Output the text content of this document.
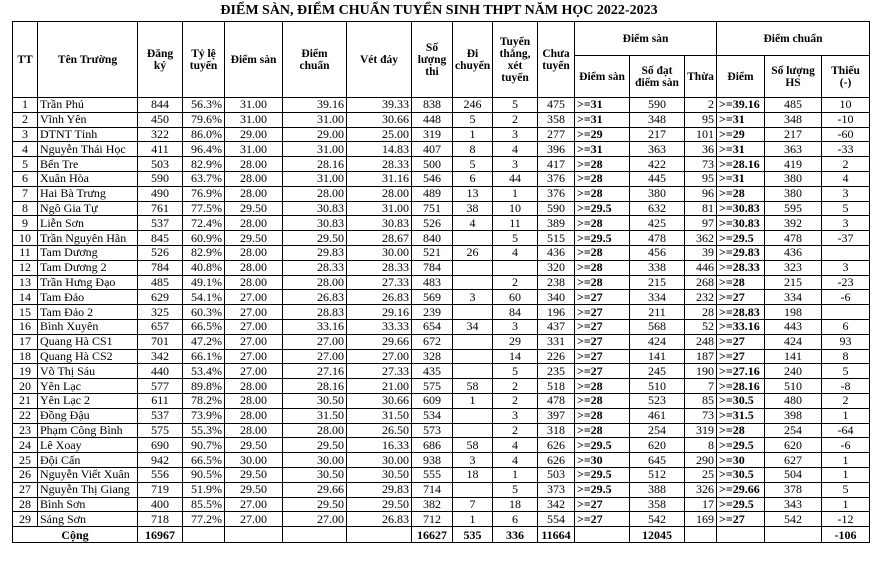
ĐIỂM SÀN, ĐIỂM CHUẨN TUYỂN SINH THPT NĂM HỌC 2022-2023
TT	Tên Trường	Đăng ký	Tỷ lệ tuyển	Điểm sàn	Điểm chuẩn	Vét đáy	Số lượng thi	Đi chuyển	Tuyển thẳng, xét tuyển	Chưa tuyển	Điểm sàn			Điểm chuẩn		
											Điểm sàn	Số đạt điểm sàn	Thừa	Điểm	Số lượng HS	Thiếu (-)
1	Trần Phú	844	56.3%	31.00	39.16	39.33	838	246	5	475	>=31	590	2	>=39.16	485	10
2	Vĩnh Yên	450	79.6%	31.00	31.00	30.66	448	5	2	358	>=31	348	95	>=31	348	-10
3	DTNT Tỉnh	322	86.0%	29.00	29.00	25.00	319	1	3	277	>=29	217	101	>=29	217	-60
4	Nguyễn Thái Học	411	96.4%	31.00	31.00	14.83	407	8	4	396	>=31	363	36	>=31	363	-33
5	Bến Tre	503	82.9%	28.00	28.16	28.33	500	5	3	417	>=28	422	73	>=28.16	419	2
6	Xuân Hòa	590	63.7%	28.00	31.00	31.16	546	6	44	376	>=28	445	95	>=31	380	4
7	Hai Bà Trưng	490	76.9%	28.00	28.00	28.00	489	13	1	376	>=28	380	96	>=28	380	3
8	Ngô Gia Tự	761	77.5%	29.50	30.83	31.00	751	38	10	590	>=29.5	632	81	>=30.83	595	5
9	Liễn Sơn	537	72.4%	28.00	30.83	30.83	526	4	11	389	>=28	425	97	>=30.83	392	3
10	Trần Nguyên Hãn	845	60.9%	29.50	29.50	28.67	840		5	515	>=29.5	478	362	>=29.5	478	-37
11	Tam Dương	526	82.9%	28.00	29.83	30.00	521	26	4	436	>=28	456	39	>=29.83	436	
12	Tam Dương 2	784	40.8%	28.00	28.33	28.33	784			320	>=28	338	446	>=28.33	323	3
13	Trần Hưng Đạo	485	49.1%	28.00	28.00	27.33	483		2	238	>=28	215	268	>=28	215	-23
14	Tam Đảo	629	54.1%	27.00	26.83	26.83	569	3	60	340	>=27	334	232	>=27	334	-6
15	Tam Đảo 2	325	60.3%	27.00	28.83	29.16	239		84	196	>=27	211	28	>=28.83	198	
16	Bình Xuyên	657	66.5%	27.00	33.16	33.33	654	34	3	437	>=27	568	52	>=33.16	443	6
17	Quang Hà CS1	701	47.2%	27.00	27.00	29.66	672		29	331	>=27	424	248	>=27	424	93
18	Quang Hà CS2	342	66.1%	27.00	27.00	27.00	328		14	226	>=27	141	187	>=27	141	8
19	Võ Thị Sáu	440	53.4%	27.00	27.16	27.33	435		5	235	>=27	245	190	>=27.16	240	5
20	Yên Lạc	577	89.8%	28.00	28.16	21.00	575	58	2	518	>=28	510	7	>=28.16	510	-8
21	Yên Lạc 2	611	78.2%	28.00	30.50	30.66	609	1	2	478	>=28	523	85	>=30.5	480	2
22	Đồng Đậu	537	73.9%	28.00	31.50	31.50	534		3	397	>=28	461	73	>=31.5	398	1
23	Phạm Công Bình	575	55.3%	28.00	28.00	26.50	573		2	318	>=28	254	319	>=28	254	-64
24	Lê Xoay	690	90.7%	29.50	29.50	16.33	686	58	4	626	>=29.5	620	8	>=29.5	620	-6
25	Đội Cấn	942	66.5%	30.00	30.00	30.00	938	3	4	626	>=30	645	290	>=30	627	1
26	Nguyễn Viết Xuân	556	90.5%	29.50	30.50	30.50	555	18	1	503	>=29.5	512	25	>=30.5	504	1
27	Nguyễn Thị Giang	719	51.9%	29.50	29.66	29.83	714		5	373	>=29.5	388	326	>=29.66	378	5
28	Bình Sơn	400	85.5%	27.00	29.50	29.50	382	7	18	342	>=27	358	17	>=29.5	343	1
29	Sáng Sơn	718	77.2%	27.00	27.00	26.83	712	1	6	554	>=27	542	169	>=27	542	-12
Cộng		16967					16627	535	336	11664		12045				-106
